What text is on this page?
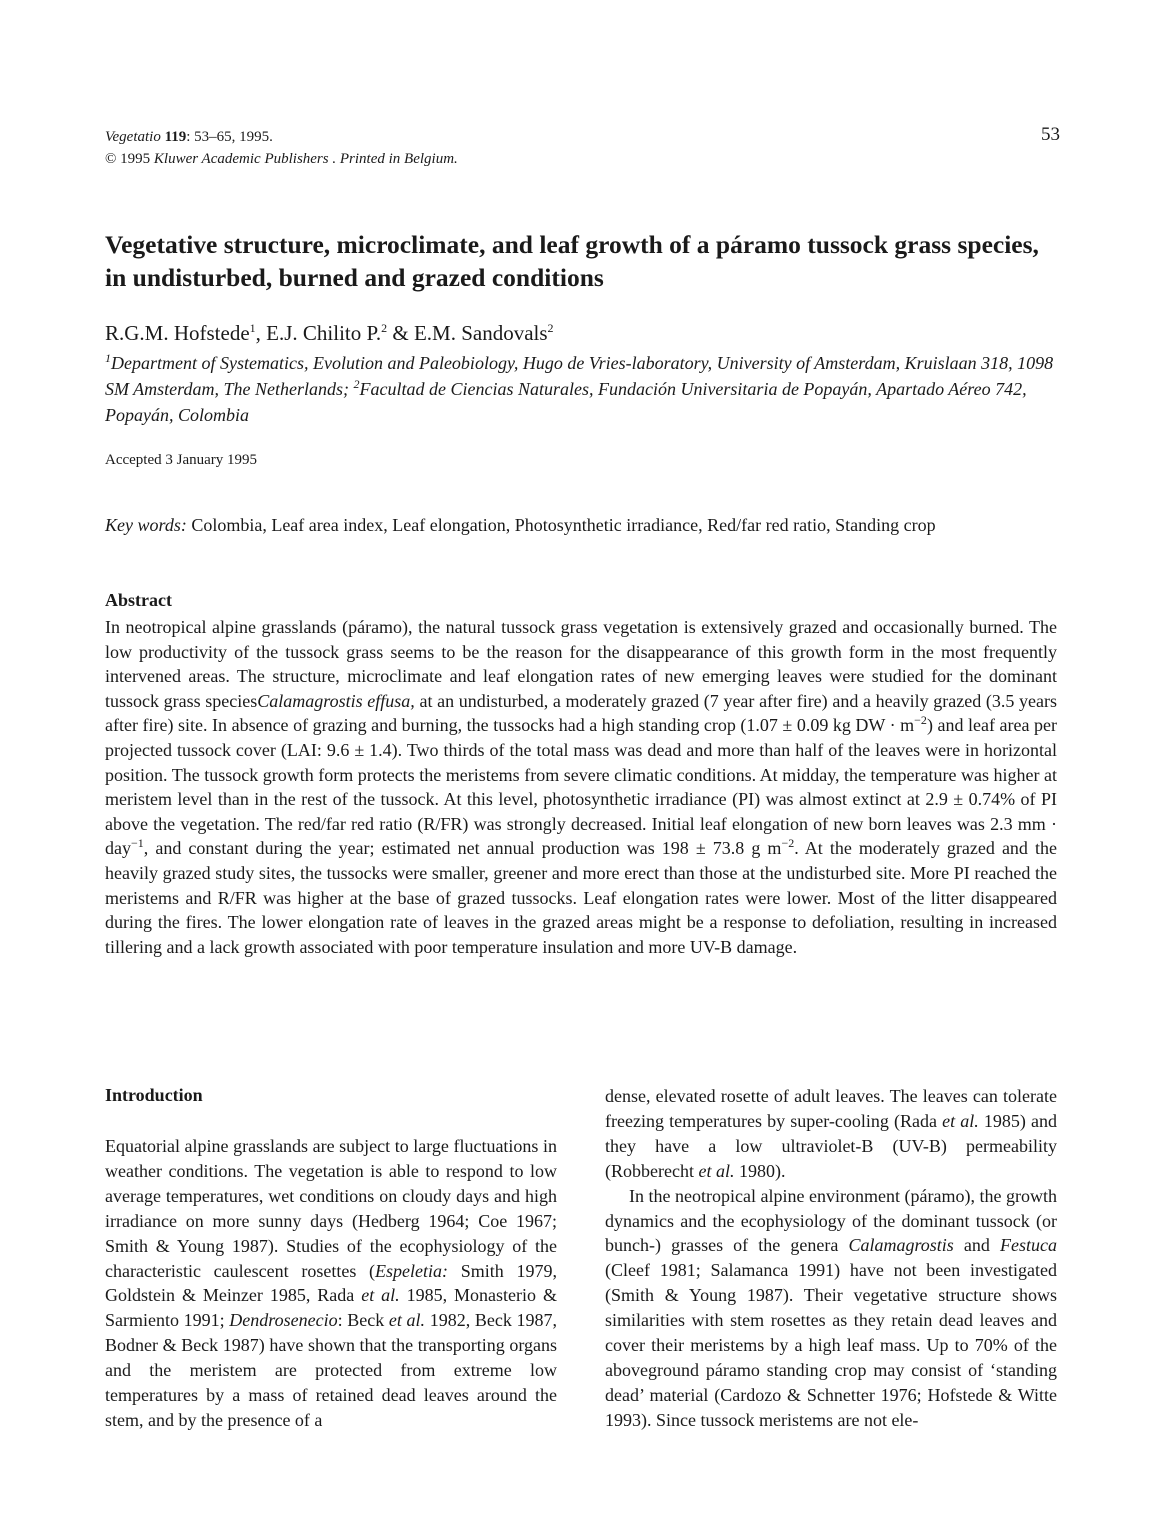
Vegetatio 119: 53–65, 1995.
© 1995 Kluwer Academic Publishers . Printed in Belgium.
53
Vegetative structure, microclimate, and leaf growth of a páramo tussock grass species, in undisturbed, burned and grazed conditions
R.G.M. Hofstede$^1$, E.J. Chilito P.$^2$ & E.M. Sandovals$^2$
$^1$Department of Systematics, Evolution and Paleobiology, Hugo de Vries-laboratory, University of Amsterdam, Kruislaan 318, 1098 SM Amsterdam, The Netherlands; $^2$Facultad de Ciencias Naturales, Fundación Universitaria de Popayán, Apartado Aéreo 742, Popayán, Colombia
Accepted 3 January 1995
Key words: Colombia, Leaf area index, Leaf elongation, Photosynthetic irradiance, Red/far red ratio, Standing crop
Abstract

In neotropical alpine grasslands (páramo), the natural tussock grass vegetation is extensively grazed and occasionally burned. The low productivity of the tussock grass seems to be the reason for the disappearance of this growth form in the most frequently intervened areas. The structure, microclimate and leaf elongation rates of new emerging leaves were studied for the dominant tussock grass speciesCalamagrostis effusa, at an undisturbed, a moderately grazed (7 year after fire) and a heavily grazed (3.5 years after fire) site. In absence of grazing and burning, the tussocks had a high standing crop (1.07 ± 0.09 kg DW · $m^{-2}$) and leaf area per projected tussock cover (LAI: 9.6 ± 1.4). Two thirds of the total mass was dead and more than half of the leaves were in horizontal position. The tussock growth form protects the meristems from severe climatic conditions. At midday, the temperature was higher at meristem level than in the rest of the tussock. At this level, photosynthetic irradiance (PI) was almost extinct at 2.9 ± 0.74% of PI above the vegetation. The red/far red ratio (R/FR) was strongly decreased. Initial leaf elongation of new born leaves was 2.3 mm · day$^{-1}$, and constant during the year; estimated net annual production was 198 ± 73.8 g $m^{-2}$. At the moderately grazed and the heavily grazed study sites, the tussocks were smaller, greener and more erect than those at the undisturbed site. More PI reached the meristems and R/FR was higher at the base of grazed tussocks. Leaf elongation rates were lower. Most of the litter disappeared during the fires. The lower elongation rate of leaves in the grazed areas might be a response to defoliation, resulting in increased tillering and a lack growth associated with poor temperature insulation and more UV-B damage.

Introduction

Equatorial alpine grasslands are subject to large fluctuations in weather conditions. The vegetation is able to respond to low average temperatures, wet conditions on cloudy days and high irradiance on more sunny days (Hedberg 1964; Coe 1967; Smith & Young 1987). Studies of the ecophysiology of the characteristic caulescent rosettes (Espeletia: Smith 1979, Goldstein & Meinzer 1985, Rada et al. 1985, Monasterio & Sarmiento 1991; Dendrosenecio: Beck et al. 1982, Beck 1987, Bodner & Beck 1987) have shown that the transporting organs and the meristem are protected from extreme low temperatures by a mass of retained dead leaves around the stem, and by the presence of a

dense, elevated rosette of adult leaves. The leaves can tolerate freezing temperatures by super-cooling (Rada et al. 1985) and they have a low ultraviolet-B (UV-B) permeability (Robberecht et al. 1980).

In the neotropical alpine environment (páramo), the growth dynamics and the ecophysiology of the dominant tussock (or bunch-) grasses of the genera Calamagrostis and Festuca (Cleef 1981; Salamanca 1991) have not been investigated (Smith & Young 1987). Their vegetative structure shows similarities with stem rosettes as they retain dead leaves and cover their meristems by a high leaf mass. Up to 70% of the aboveground páramo standing crop may consist of ‘standing dead’ material (Cardozo & Schnetter 1976; Hofstede & Witte 1993). Since tussock meristems are not ele-
